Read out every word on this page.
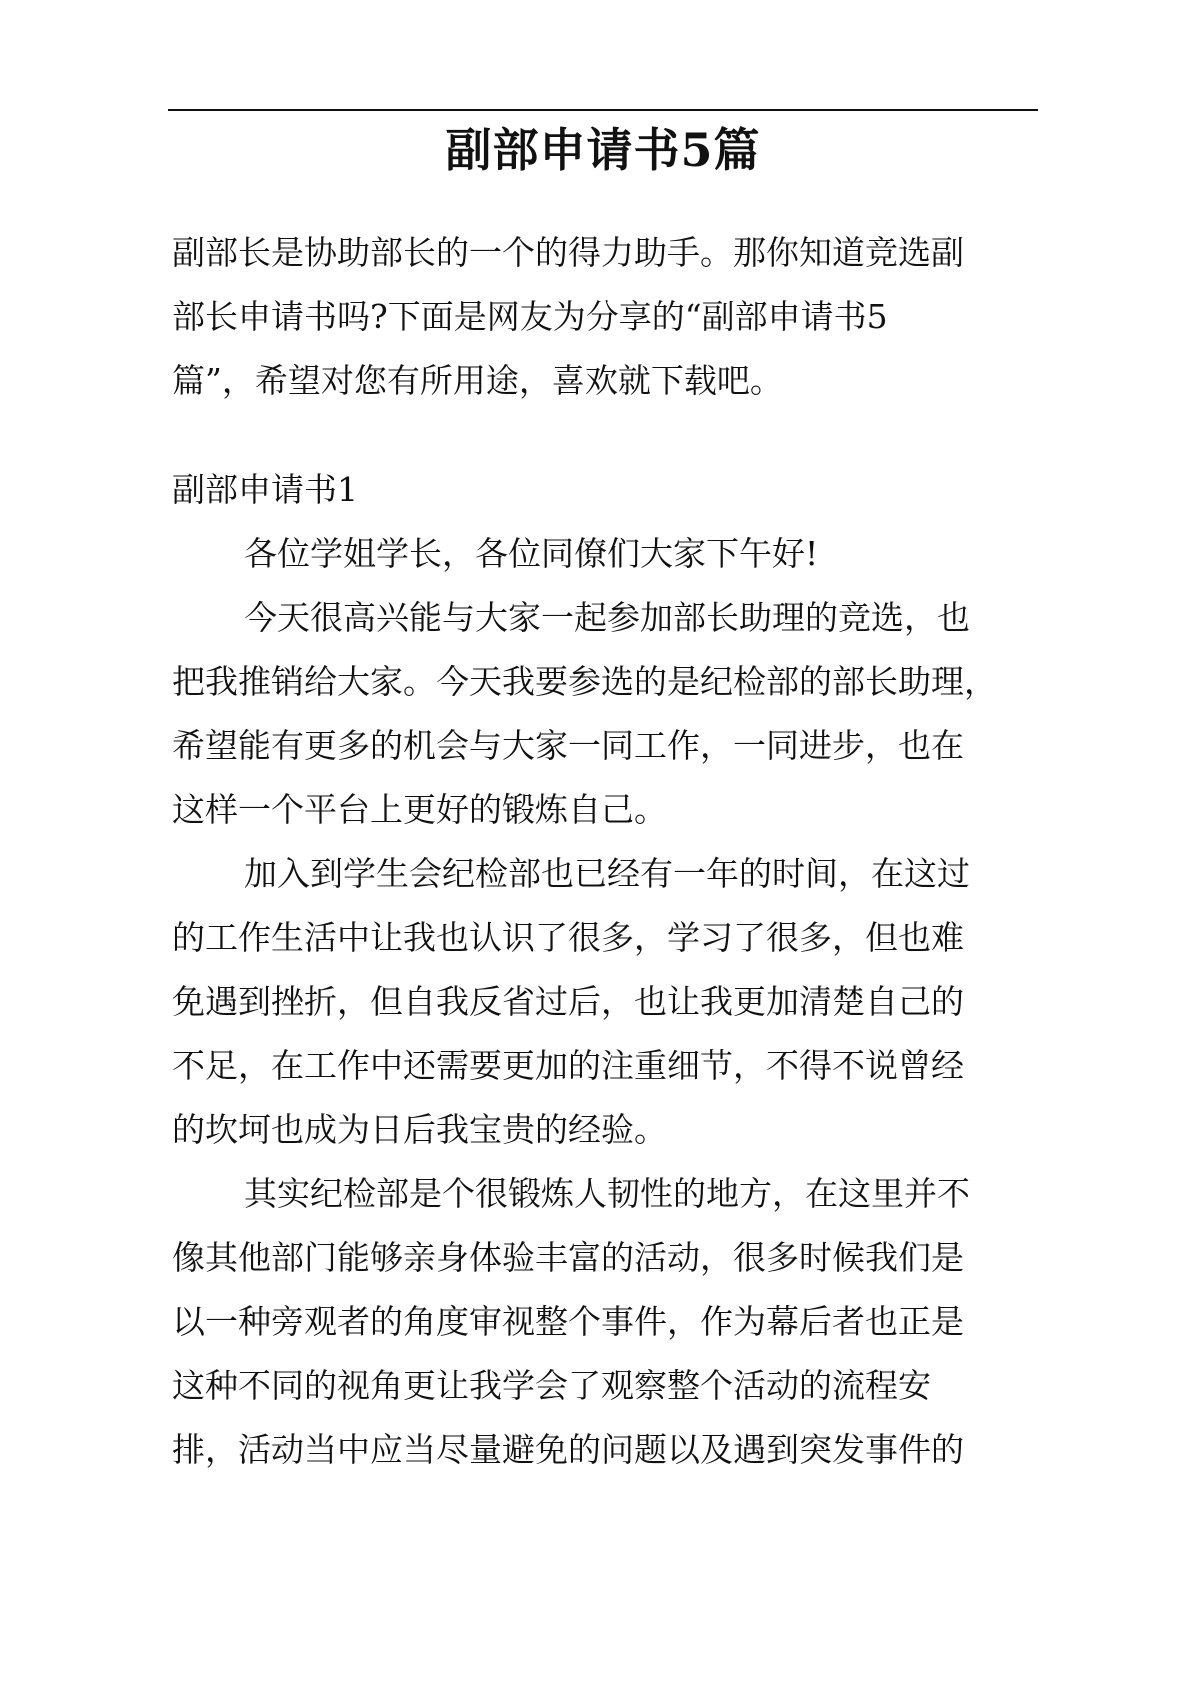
副部申请书5篇
副部长是协助部长的一个的得力助手。那你知道竞选副
部长申请书吗?下面是网友为分享的“副部申请书5
篇”，希望对您有所用途，喜欢就下载吧。
副部申请书1
各位学姐学长，各位同僚们大家下午好!
今天很高兴能与大家一起参加部长助理的竞选，也
把我推销给大家。今天我要参选的是纪检部的部长助理，
希望能有更多的机会与大家一同工作，一同进步，也在
这样一个平台上更好的锻炼自己。
加入到学生会纪检部也已经有一年的时间，在这过
的工作生活中让我也认识了很多，学习了很多，但也难
免遇到挫折，但自我反省过后，也让我更加清楚自己的
不足，在工作中还需要更加的注重细节，不得不说曾经
的坎坷也成为日后我宝贵的经验。
其实纪检部是个很锻炼人韧性的地方，在这里并不
像其他部门能够亲身体验丰富的活动，很多时候我们是
以一种旁观者的角度审视整个事件，作为幕后者也正是
这种不同的视角更让我学会了观察整个活动的流程安
排，活动当中应当尽量避免的问题以及遇到突发事件的
